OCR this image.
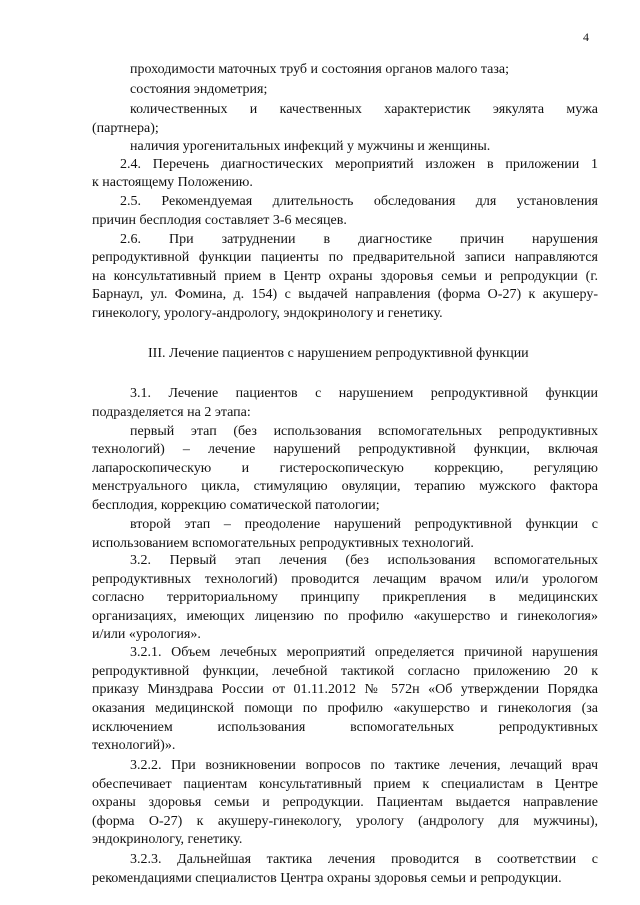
4
проходимости маточных труб и состояния органов малого таза;
состояния эндометрия;
количественных и качественных характеристик эякулята мужа
(партнера);
наличия урогенитальных инфекций у мужчины и женщины.
2.4. Перечень диагностических мероприятий изложен в приложении 1
к настоящему Положению.
2.5. Рекомендуемая длительность обследования для установления
причин бесплодия составляет 3-6 месяцев.
2.6. При затруднении в диагностике причин нарушения
репродуктивной функции пациенты по предварительной записи направляются
на консультативный прием в Центр охраны здоровья семьи и репродукции (г.
Барнаул, ул. Фомина, д. 154) с выдачей направления (форма О-27) к акушеру-
гинекологу, урологу-андрологу, эндокринологу и генетику.
III. Лечение пациентов с нарушением репродуктивной функции
3.1. Лечение пациентов с нарушением репродуктивной функции
подразделяется на 2 этапа:
первый этап (без использования вспомогательных репродуктивных
технологий) – лечение нарушений репродуктивной функции, включая
лапароскопическую и гистероскопическую коррекцию, регуляцию
менструального цикла, стимуляцию овуляции, терапию мужского фактора
бесплодия, коррекцию соматической патологии;
второй этап – преодоление нарушений репродуктивной функции с
использованием вспомогательных репродуктивных технологий.
3.2. Первый этап лечения (без использования вспомогательных
репродуктивных технологий) проводится лечащим врачом или/и урологом
согласно территориальному принципу прикрепления в медицинских
организациях, имеющих лицензию по профилю «акушерство и гинекология»
и/или «урология».
3.2.1. Объем лечебных мероприятий определяется причиной нарушения
репродуктивной функции, лечебной тактикой согласно приложению 20 к
приказу Минздрава России от 01.11.2012 № 572н «Об утверждении Порядка
оказания медицинской помощи по профилю «акушерство и гинекология (за
исключением использования вспомогательных репродуктивных
технологий)».
3.2.2. При возникновении вопросов по тактике лечения, лечащий врач
обеспечивает пациентам консультативный прием к специалистам в Центре
охраны здоровья семьи и репродукции. Пациентам выдается направление
(форма О-27) к акушеру-гинекологу, урологу (андрологу для мужчины),
эндокринологу, генетику.
3.2.3. Дальнейшая тактика лечения проводится в соответствии с
рекомендациями специалистов Центра охраны здоровья семьи и репродукции.
